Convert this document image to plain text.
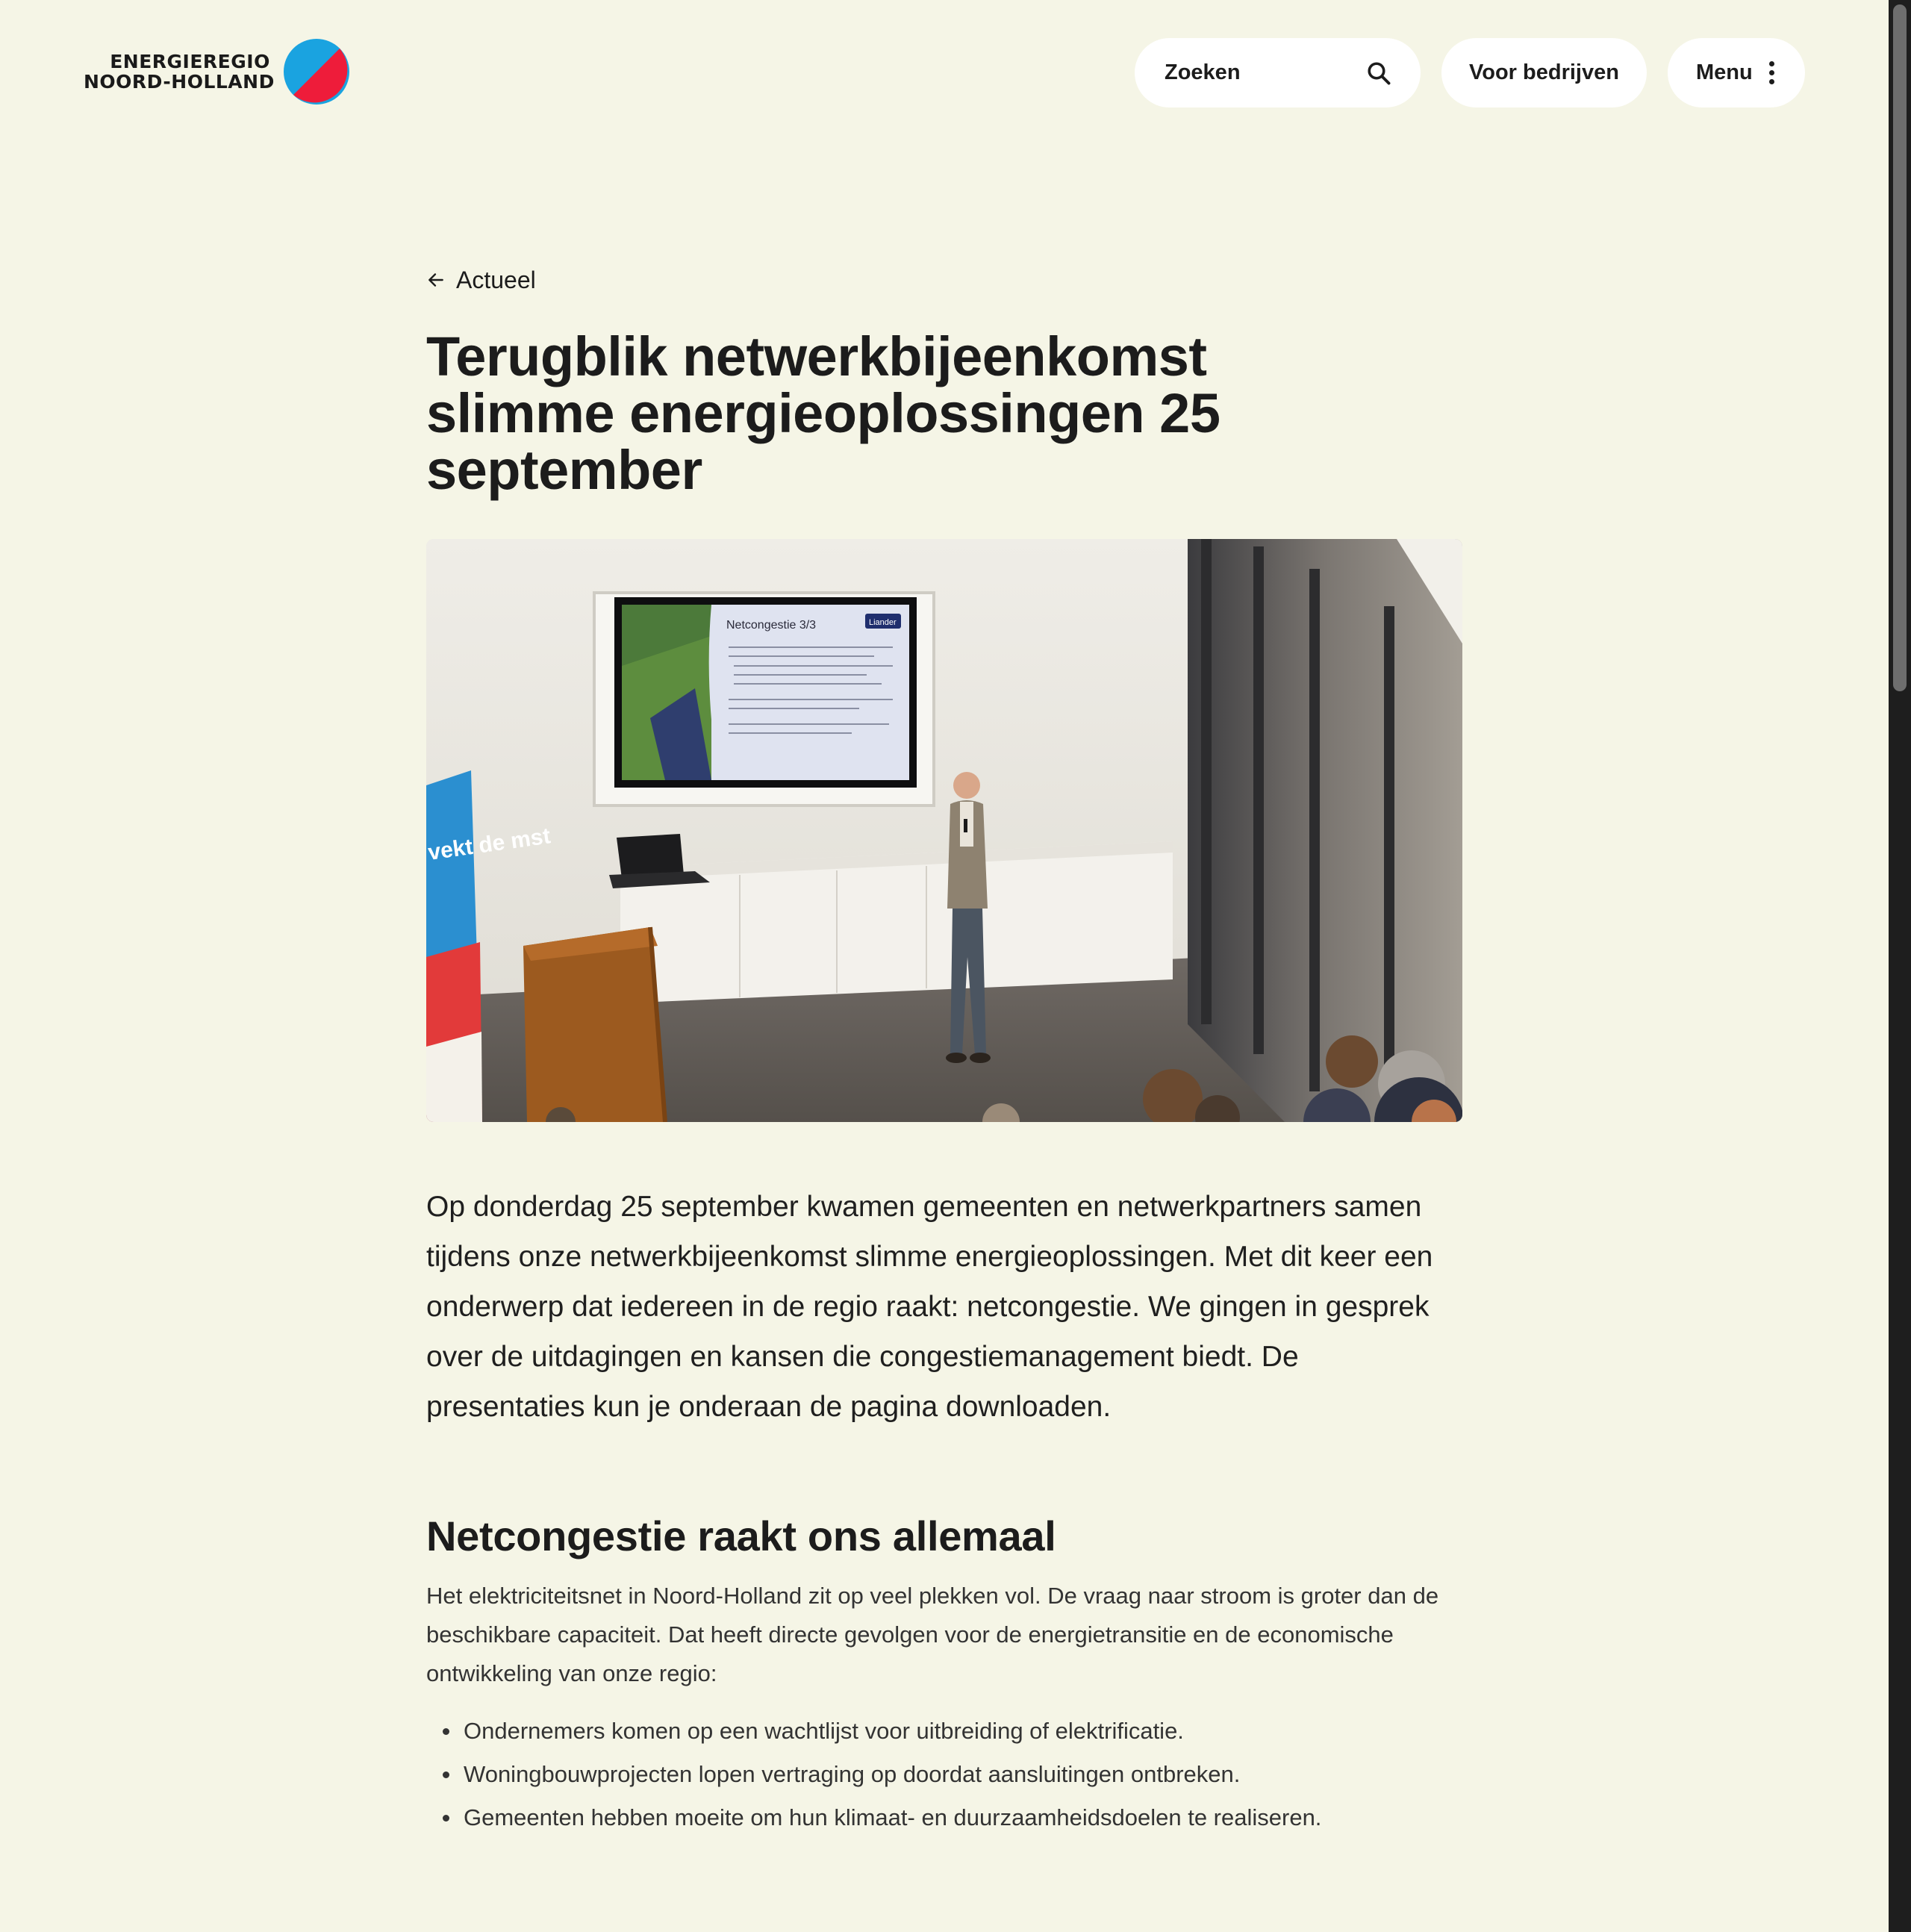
ENERGIEREGIO
NOORD-HOLLAND	Zoeken	Voor bedrijven	Menu
Actueel
Terugblik netwerkbijeenkomst slimme energieoplossingen 25 september
Netcongestie 3/3	Liander
vekt de mst

Op donderdag 25 september kwamen gemeenten en netwerkpartners samen tijdens onze netwerkbijeenkomst slimme energieoplossingen. Met dit keer een onderwerp dat iedereen in de regio raakt: netcongestie. We gingen in gesprek over de uitdagingen en kansen die congestiemanagement biedt. De presentaties kun je onderaan de pagina downloaden.

Netcongestie raakt ons allemaal

Het elektriciteitsnet in Noord-Holland zit op veel plekken vol. De vraag naar stroom is groter dan de beschikbare capaciteit. Dat heeft directe gevolgen voor de energietransitie en de economische ontwikkeling van onze regio:

Ondernemers komen op een wachtlijst voor uitbreiding of elektrificatie.
Woningbouwprojecten lopen vertraging op doordat aansluitingen ontbreken.
Gemeenten hebben moeite om hun klimaat- en duurzaamheidsdoelen te realiseren.
